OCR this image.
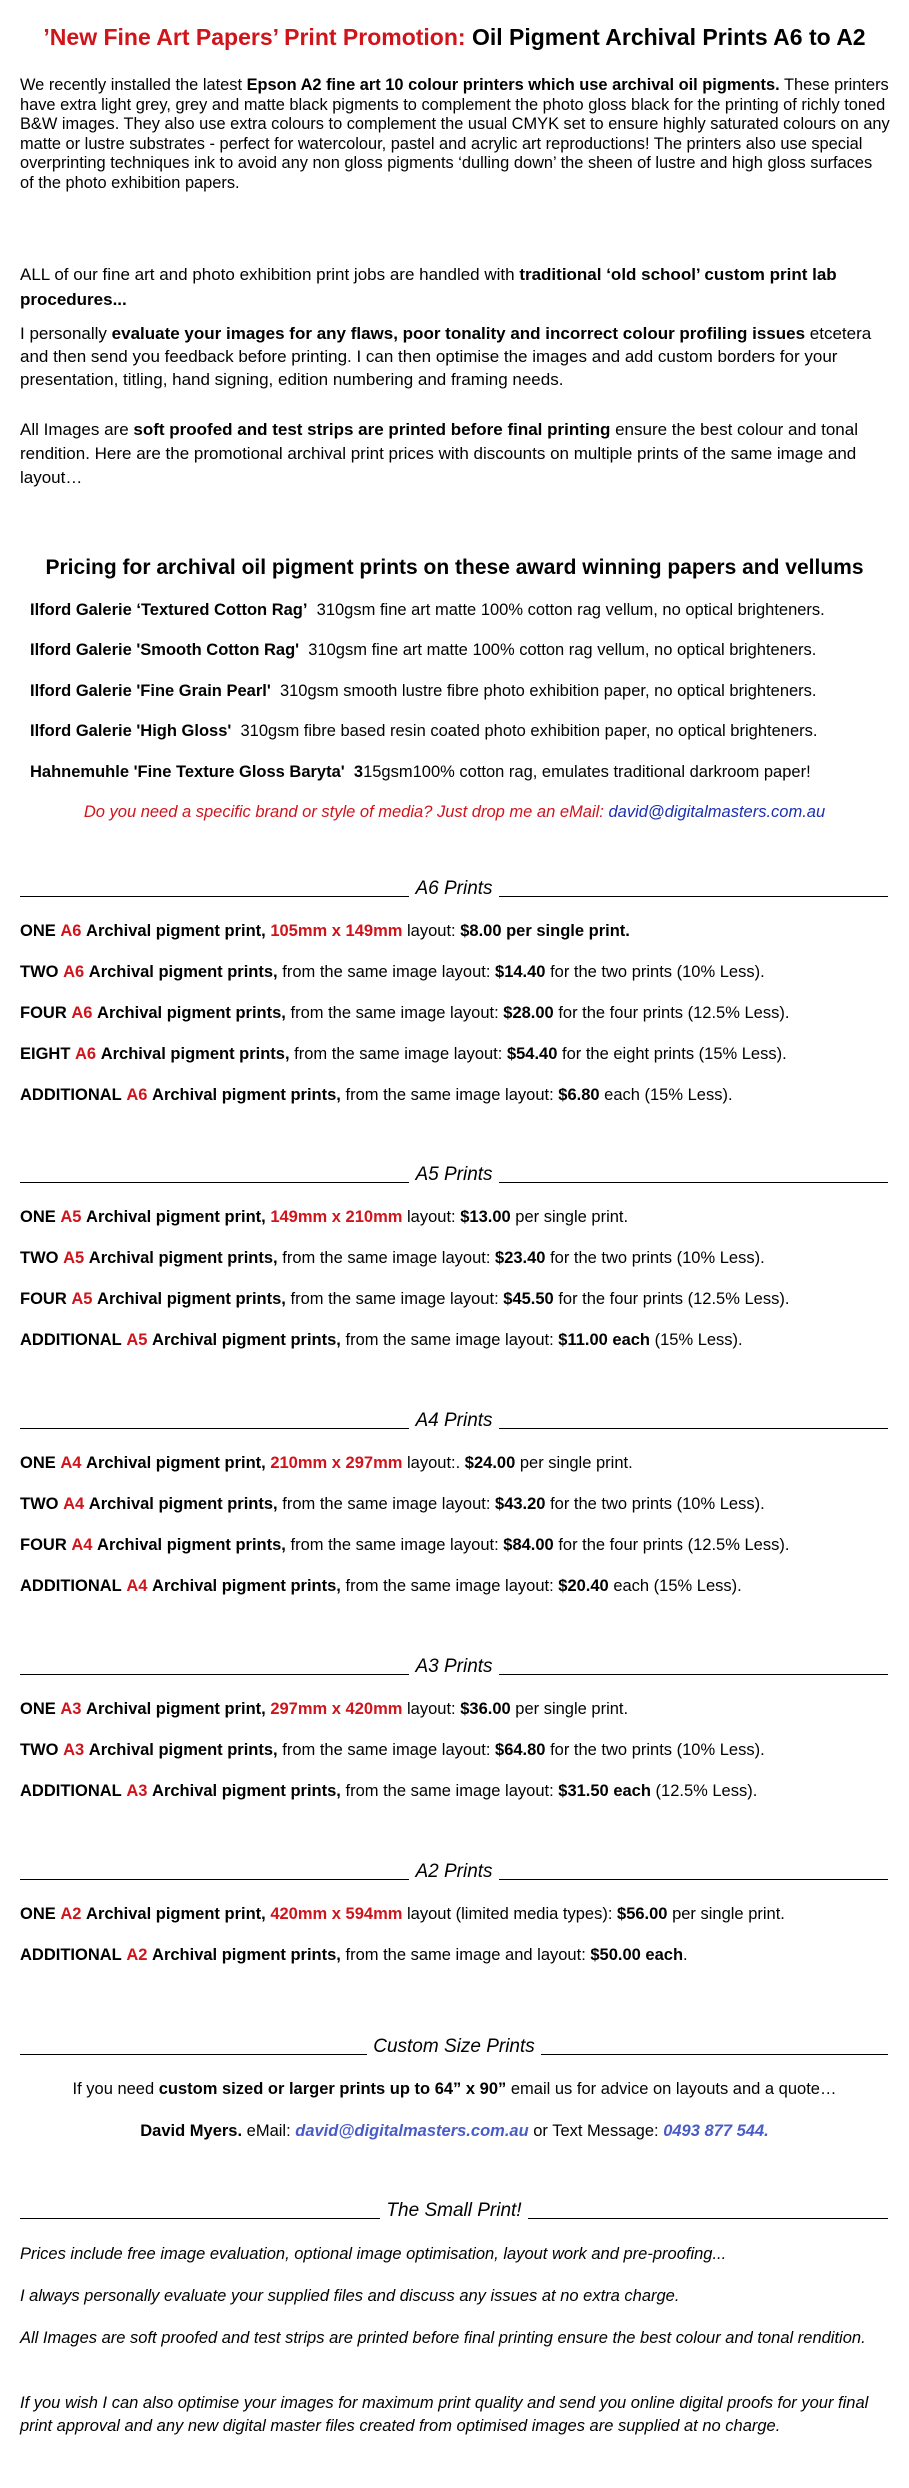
’New Fine Art Papers’ Print Promotion: Oil Pigment Archival Prints A6 to A2

We recently installed the latest Epson A2 fine art 10 colour printers which use archival oil pigments. These printers have extra light grey, grey and matte black pigments to complement the photo gloss black for the printing of richly toned B&W images. They also use extra colours to complement the usual CMYK set to ensure highly saturated colours on any matte or lustre substrates - perfect for watercolour, pastel and acrylic art reproductions! The printers also use special overprinting techniques ink to avoid any non gloss pigments ‘dulling down’ the sheen of lustre and high gloss surfaces of the photo exhibition papers.

ALL of our fine art and photo exhibition print jobs are handled with traditional ‘old school’ custom print lab procedures...

I personally evaluate your images for any flaws, poor tonality and incorrect colour profiling issues etcetera and then send you feedback before printing. I can then optimise the images and add custom borders for your presentation, titling, hand signing, edition numbering and framing needs.

All Images are soft proofed and test strips are printed before final printing ensure the best colour and tonal rendition. Here are the promotional archival print prices with discounts on multiple prints of the same image and layout…

Pricing for archival oil pigment prints on these award winning papers and vellums
Ilford Galerie ‘Textured Cotton Rag’ 310gsm fine art matte 100% cotton rag vellum, no optical brighteners.
Ilford Galerie 'Smooth Cotton Rag' 310gsm fine art matte 100% cotton rag vellum, no optical brighteners.
Ilford Galerie 'Fine Grain Pearl' 310gsm smooth lustre fibre photo exhibition paper, no optical brighteners.
Ilford Galerie 'High Gloss' 310gsm fibre based resin coated photo exhibition paper, no optical brighteners.
Hahnemuhle 'Fine Texture Gloss Baryta' 315gsm100% cotton rag, emulates traditional darkroom paper!
Do you need a specific brand or style of media? Just drop me an eMail: david@digitalmasters.com.au
A6 Prints
ONE A6 Archival pigment print, 105mm x 149mm layout: $8.00 per single print.
TWO A6 Archival pigment prints, from the same image layout: $14.40 for the two prints (10% Less).
FOUR A6 Archival pigment prints, from the same image layout: $28.00 for the four prints (12.5% Less).
EIGHT A6 Archival pigment prints, from the same image layout: $54.40 for the eight prints (15% Less).
ADDITIONAL A6 Archival pigment prints, from the same image layout: $6.80 each (15% Less).
A5 Prints
ONE A5 Archival pigment print, 149mm x 210mm layout: $13.00 per single print.
TWO A5 Archival pigment prints, from the same image layout: $23.40 for the two prints (10% Less).
FOUR A5 Archival pigment prints, from the same image layout: $45.50 for the four prints (12.5% Less).
ADDITIONAL A5 Archival pigment prints, from the same image layout: $11.00 each (15% Less).
A4 Prints
ONE A4 Archival pigment print, 210mm x 297mm layout:. $24.00 per single print.
TWO A4 Archival pigment prints, from the same image layout: $43.20 for the two prints (10% Less).
FOUR A4 Archival pigment prints, from the same image layout: $84.00 for the four prints (12.5% Less).
ADDITIONAL A4 Archival pigment prints, from the same image layout: $20.40 each (15% Less).
A3 Prints
ONE A3 Archival pigment print, 297mm x 420mm layout: $36.00 per single print.
TWO A3 Archival pigment prints, from the same image layout: $64.80 for the two prints (10% Less).
ADDITIONAL A3 Archival pigment prints, from the same image layout: $31.50 each (12.5% Less).
A2 Prints
ONE A2 Archival pigment print, 420mm x 594mm layout (limited media types): $56.00 per single print.
ADDITIONAL A2 Archival pigment prints, from the same image and layout: $50.00 each.
Custom Size Prints
If you need custom sized or larger prints up to 64” x 90” email us for advice on layouts and a quote…
David Myers. eMail: david@digitalmasters.com.au or Text Message: 0493 877 544.
The Small Print!
Prices include free image evaluation, optional image optimisation, layout work and pre-proofing...
I always personally evaluate your supplied files and discuss any issues at no extra charge.
All Images are soft proofed and test strips are printed before final printing ensure the best colour and tonal rendition.
If you wish I can also optimise your images for maximum print quality and send you online digital proofs for your final print approval and any new digital master files created from optimised images are supplied at no charge.
